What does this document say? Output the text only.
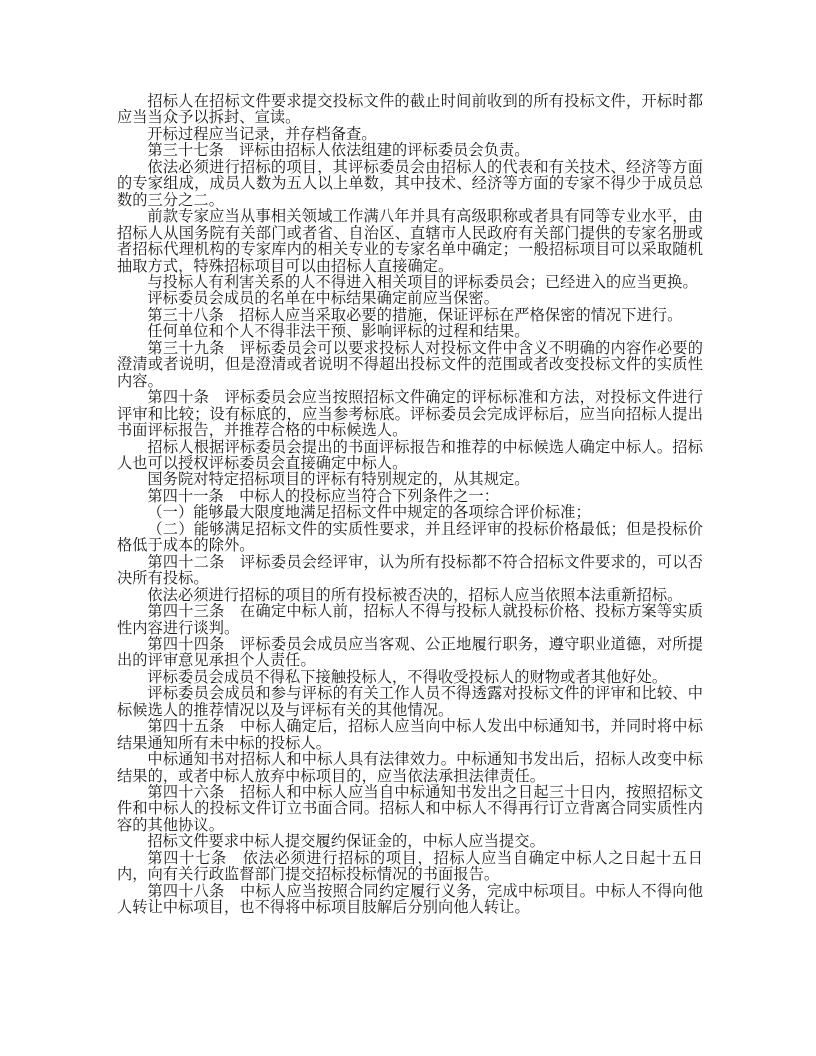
招标人在招标文件要求提交投标文件的截止时间前收到的所有投标文件，开标时都应当当众予以拆封、宣读。

开标过程应当记录，并存档备查。

第三十七条　评标由招标人依法组建的评标委员会负责。

依法必须进行招标的项目，其评标委员会由招标人的代表和有关技术、经济等方面的专家组成，成员人数为五人以上单数，其中技术、经济等方面的专家不得少于成员总数的三分之二。

前款专家应当从事相关领域工作满八年并具有高级职称或者具有同等专业水平，由招标人从国务院有关部门或者省、自治区、直辖市人民政府有关部门提供的专家名册或者招标代理机构的专家库内的相关专业的专家名单中确定；一般招标项目可以采取随机抽取方式，特殊招标项目可以由招标人直接确定。

与投标人有利害关系的人不得进入相关项目的评标委员会；已经进入的应当更换。

评标委员会成员的名单在中标结果确定前应当保密。

第三十八条　招标人应当采取必要的措施，保证评标在严格保密的情况下进行。

任何单位和个人不得非法干预、影响评标的过程和结果。

第三十九条　评标委员会可以要求投标人对投标文件中含义不明确的内容作必要的澄清或者说明，但是澄清或者说明不得超出投标文件的范围或者改变投标文件的实质性内容。

第四十条　评标委员会应当按照招标文件确定的评标标准和方法，对投标文件进行评审和比较；设有标底的，应当参考标底。评标委员会完成评标后，应当向招标人提出书面评标报告，并推荐合格的中标候选人。

招标人根据评标委员会提出的书面评标报告和推荐的中标候选人确定中标人。招标人也可以授权评标委员会直接确定中标人。

国务院对特定招标项目的评标有特别规定的，从其规定。

第四十一条　中标人的投标应当符合下列条件之一：

（一）能够最大限度地满足招标文件中规定的各项综合评价标准；

（二）能够满足招标文件的实质性要求，并且经评审的投标价格最低；但是投标价格低于成本的除外。

第四十二条　评标委员会经评审，认为所有投标都不符合招标文件要求的，可以否决所有投标。

依法必须进行招标的项目的所有投标被否决的，招标人应当依照本法重新招标。

第四十三条　在确定中标人前，招标人不得与投标人就投标价格、投标方案等实质性内容进行谈判。

第四十四条　评标委员会成员应当客观、公正地履行职务，遵守职业道德，对所提出的评审意见承担个人责任。

评标委员会成员不得私下接触投标人，不得收受投标人的财物或者其他好处。

评标委员会成员和参与评标的有关工作人员不得透露对投标文件的评审和比较、中标候选人的推荐情况以及与评标有关的其他情况。

第四十五条　中标人确定后，招标人应当向中标人发出中标通知书，并同时将中标结果通知所有未中标的投标人。

中标通知书对招标人和中标人具有法律效力。中标通知书发出后，招标人改变中标结果的，或者中标人放弃中标项目的，应当依法承担法律责任。

第四十六条　招标人和中标人应当自中标通知书发出之日起三十日内，按照招标文件和中标人的投标文件订立书面合同。招标人和中标人不得再行订立背离合同实质性内容的其他协议。

招标文件要求中标人提交履约保证金的，中标人应当提交。

第四十七条　依法必须进行招标的项目，招标人应当自确定中标人之日起十五日内，向有关行政监督部门提交招标投标情况的书面报告。

第四十八条　中标人应当按照合同约定履行义务，完成中标项目。中标人不得向他人转让中标项目，也不得将中标项目肢解后分别向他人转让。
